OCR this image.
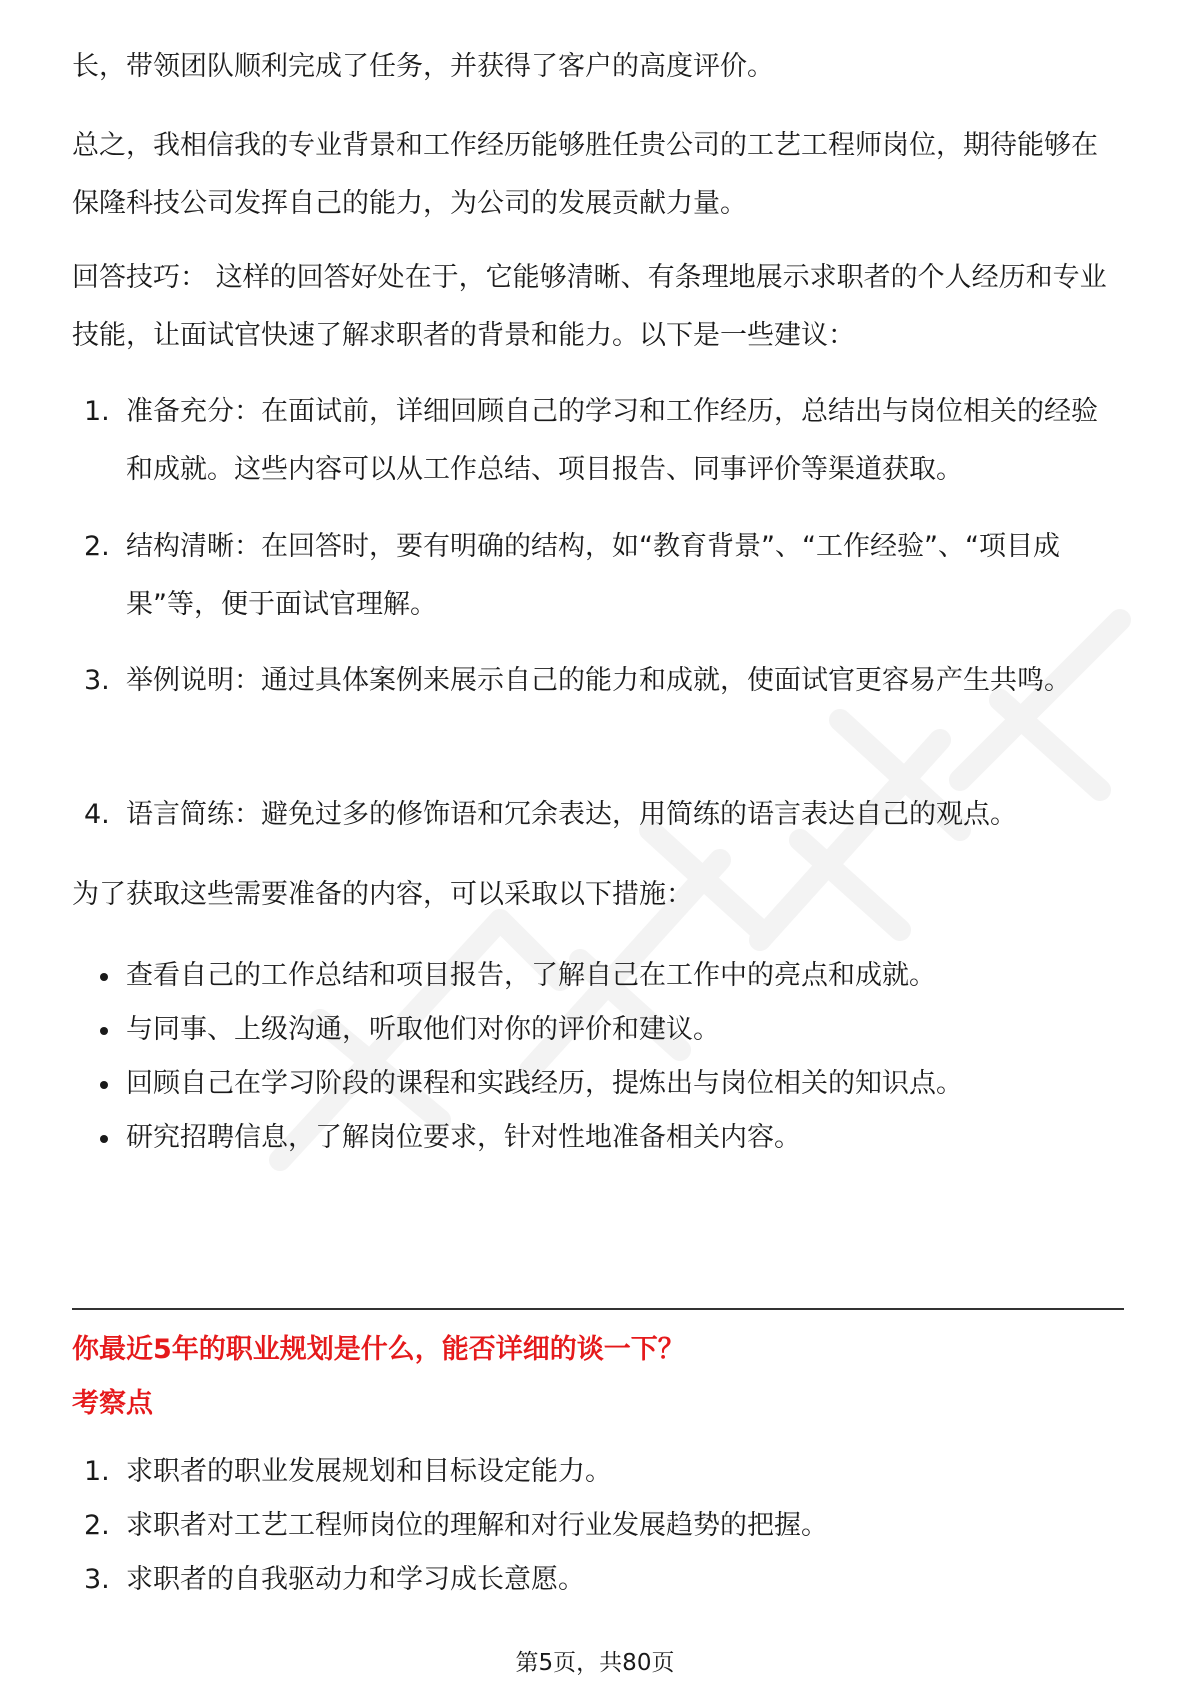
长，带领团队顺利完成了任务，并获得了客户的高度评价。

总之，我相信我的专业背景和工作经历能够胜任贵公司的工艺工程师岗位，期待能够在保隆科技公司发挥自己的能力，为公司的发展贡献力量。

回答技巧： 这样的回答好处在于，它能够清晰、有条理地展示求职者的个人经历和专业技能，让面试官快速了解求职者的背景和能力。以下是一些建议：

1. 准备充分：在面试前，详细回顾自己的学习和工作经历，总结出与岗位相关的经验和成就。这些内容可以从工作总结、项目报告、同事评价等渠道获取。
2. 结构清晰：在回答时，要有明确的结构，如“教育背景”、“工作经验”、“项目成果”等，便于面试官理解。
3. 举例说明：通过具体案例来展示自己的能力和成就，使面试官更容易产生共鸣。
4. 语言简练：避免过多的修饰语和冗余表达，用简练的语言表达自己的观点。

为了获取这些需要准备的内容，可以采取以下措施：

查看自己的工作总结和项目报告，了解自己在工作中的亮点和成就。
与同事、上级沟通，听取他们对你的评价和建议。
回顾自己在学习阶段的课程和实践经历，提炼出与岗位相关的知识点。
研究招聘信息，了解岗位要求，针对性地准备相关内容。
你最近5年的职业规划是什么，能否详细的谈一下？
考察点
1. 求职者的职业发展规划和目标设定能力。
2. 求职者对工艺工程师岗位的理解和对行业发展趋势的把握。
3. 求职者的自我驱动力和学习成长意愿。
第5页，共80页
